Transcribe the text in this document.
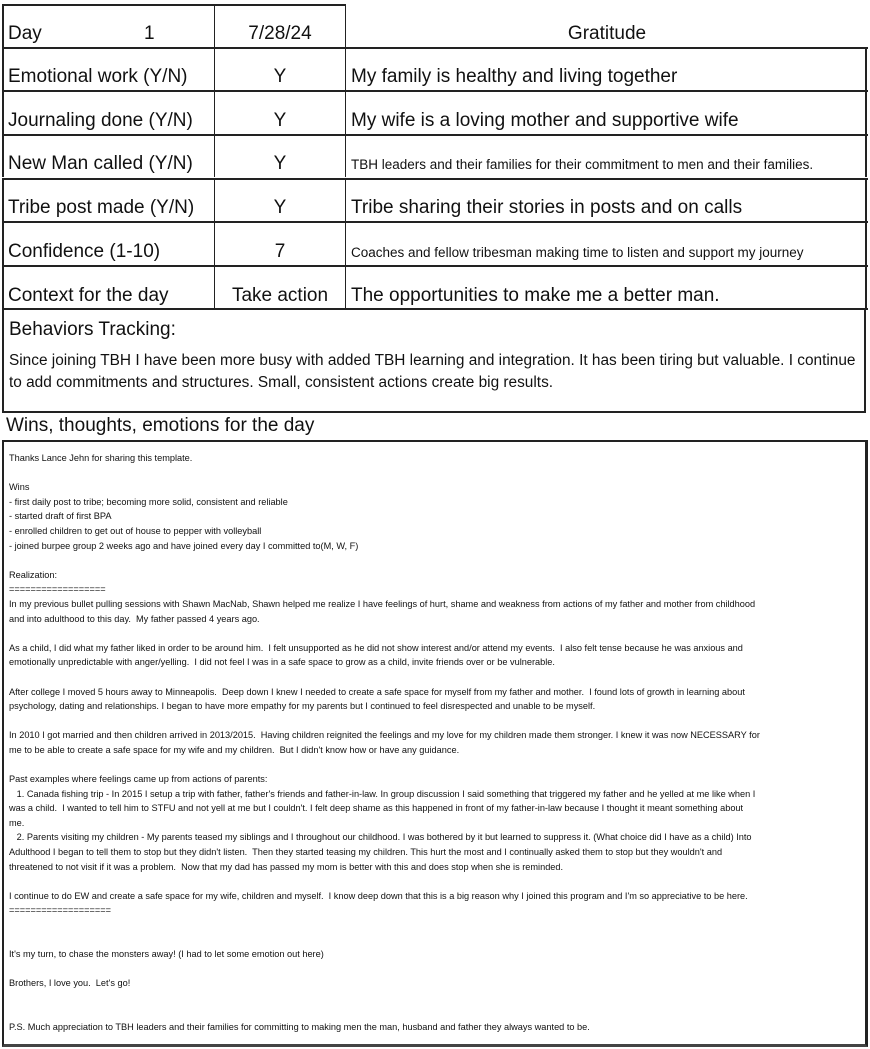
Day	1	7/28/24	Gratitude
Emotional work (Y/N)	Y	My family is healthy and living together
Journaling done (Y/N)	Y	My wife is a loving mother and supportive wife
New Man called (Y/N)	Y	TBH leaders and their families for their commitment to men and their families.
Tribe post made (Y/N)	Y	Tribe sharing their stories in posts and on calls
Confidence (1-10)	7	Coaches and fellow tribesman making time to listen and support my journey
Context for the day	Take action	The opportunities to make me a better man.
Behaviors Tracking:

Since joining TBH I have been more busy with added TBH learning and integration. It has been tiring but valuable. I continue to add commitments and structures. Small, consistent actions create big results.

Wins, thoughts, emotions for the day
Thanks Lance Jehn for sharing this template.
Wins
- first daily post to tribe; becoming more solid, consistent and reliable
- started draft of first BPA
- enrolled children to get out of house to pepper with volleyball
- joined burpee group 2 weeks ago and have joined every day I committed to(M, W, F)
Realization:
==================
In my previous bullet pulling sessions with Shawn MacNab, Shawn helped me realize I have feelings of hurt, shame and weakness from actions of my father and mother from childhood
and into adulthood to this day.  My father passed 4 years ago.
As a child, I did what my father liked in order to be around him.  I felt unsupported as he did not show interest and/or attend my events.  I also felt tense because he was anxious and
emotionally unpredictable with anger/yelling.  I did not feel I was in a safe space to grow as a child, invite friends over or be vulnerable.
After college I moved 5 hours away to Minneapolis.  Deep down I knew I needed to create a safe space for myself from my father and mother.  I found lots of growth in learning about
psychology, dating and relationships. I began to have more empathy for my parents but I continued to feel disrespected and unable to be myself.
In 2010 I got married and then children arrived in 2013/2015.  Having children reignited the feelings and my love for my children made them stronger. I knew it was now NECESSARY for
me to be able to create a safe space for my wife and my children.  But I didn't know how or have any guidance.
Past examples where feelings came up from actions of parents:
1. Canada fishing trip - In 2015 I setup a trip with father, father's friends and father-in-law. In group discussion I said something that triggered my father and he yelled at me like when I
was a child.  I wanted to tell him to STFU and not yell at me but I couldn't. I felt deep shame as this happened in front of my father-in-law because I thought it meant something about
me.
2. Parents visiting my children - My parents teased my siblings and I throughout our childhood. I was bothered by it but learned to suppress it. (What choice did I have as a child) Into
Adulthood I began to tell them to stop but they didn't listen.  Then they started teasing my children. This hurt the most and I continually asked them to stop but they wouldn't and
threatened to not visit if it was a problem.  Now that my dad has passed my mom is better with this and does stop when she is reminded.
I continue to do EW and create a safe space for my wife, children and myself.  I know deep down that this is a big reason why I joined this program and I'm so appreciative to be here.
===================
It's my turn, to chase the monsters away! (I had to let some emotion out here)
Brothers, I love you.  Let's go!
P.S. Much appreciation to TBH leaders and their families for committing to making men the man, husband and father they always wanted to be.
